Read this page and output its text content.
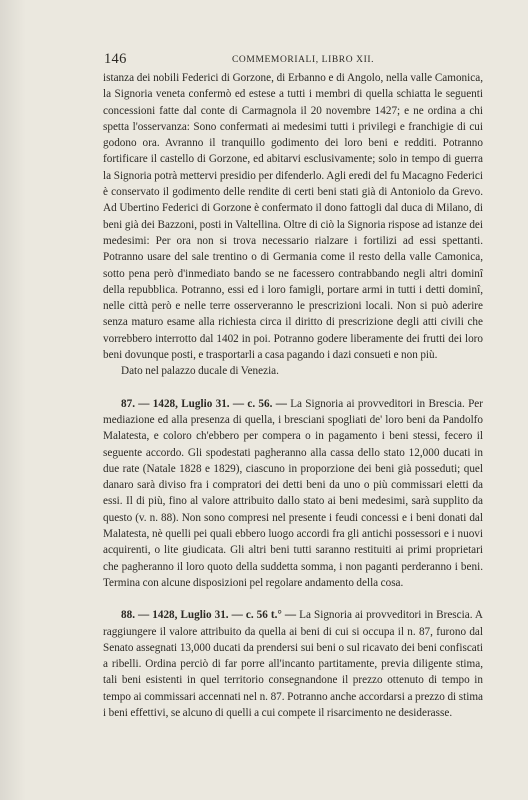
146	COMMEMORIALI, LIBRO XII.

istanza dei nobili Federici di Gorzone, di Erbanno e di Angolo, nella valle Camonica, la Signoria veneta confermò ed estese a tutti i membri di quella schiatta le seguenti concessioni fatte dal conte di Carmagnola il 20 novembre 1427; e ne ordina a chi spetta l'osservanza: Sono confermati ai medesimi tutti i privilegi e franchigie di cui godono ora. Avranno il tranquillo godimento dei loro beni e redditi. Potranno fortificare il castello di Gorzone, ed abitarvi esclusivamente; solo in tempo di guerra la Signoria potrà mettervi presidio per difenderlo. Agli eredi del fu Macagno Federici è conservato il godimento delle rendite di certi beni stati già di Antoniolo da Grevo. Ad Ubertino Federici di Gorzone è confermato il dono fattogli dal duca di Milano, di beni già dei Bazzoni, posti in Valtellina. Oltre di ciò la Signoria rispose ad istanze dei medesimi: Per ora non si trova necessario rialzare i fortilizi ad essi spettanti. Potranno usare del sale trentino o di Germania come il resto della valle Camonica, sotto pena però d'inmediato bando se ne facessero contrabbando negli altri dominî della repubblica. Potranno, essi ed i loro famigli, portare armi in tutti i detti dominî, nelle città però e nelle terre osserveranno le prescrizioni locali. Non si può aderire senza maturo esame alla richiesta circa il diritto di prescrizione degli atti civili che vorrebbero interrotto dal 1402 in poi. Potranno godere liberamente dei frutti dei loro beni dovunque posti, e trasportarli a casa pagando i dazi consueti e non più.

Dato nel palazzo ducale di Venezia.

87. — 1428, Luglio 31. — c. 56. — La Signoria ai provveditori in Brescia. Per mediazione ed alla presenza di quella, i bresciani spogliati de' loro beni da Pandolfo Malatesta, e coloro ch'ebbero per compera o in pagamento i beni stessi, fecero il seguente accordo. Gli spodestati pagheranno alla cassa dello stato 12,000 ducati in due rate (Natale 1828 e 1829), ciascuno in proporzione dei beni già posseduti; quel danaro sarà diviso fra i compratori dei detti beni da uno o più commissari eletti da essi. Il di più, fino al valore attribuito dallo stato ai beni medesimi, sarà supplito da questo (v. n. 88). Non sono compresi nel presente i feudi concessi e i beni donati dal Malatesta, nè quelli pei quali ebbero luogo accordi fra gli antichi possessori e i nuovi acquirenti, o lite giudicata. Gli altri beni tutti saranno restituiti ai primi proprietari che pagheranno il loro quoto della suddetta somma, i non paganti perderanno i beni. Termina con alcune disposizioni pel regolare andamento della cosa.

88. — 1428, Luglio 31. — c. 56 t.° — La Signoria ai provveditori in Brescia. A raggiungere il valore attribuito da quella ai beni di cui si occupa il n. 87, furono dal Senato assegnati 13,000 ducati da prendersi sui beni o sul ricavato dei beni confiscati a ribelli. Ordina perciò di far porre all'incanto partitamente, previa diligente stima, tali beni esistenti in quel territorio consegnandone il prezzo ottenuto di tempo in tempo ai commissari accennati nel n. 87. Potranno anche accordarsi a prezzo di stima i beni effettivi, se alcuno di quelli a cui compete il risarcimento ne desiderasse.
